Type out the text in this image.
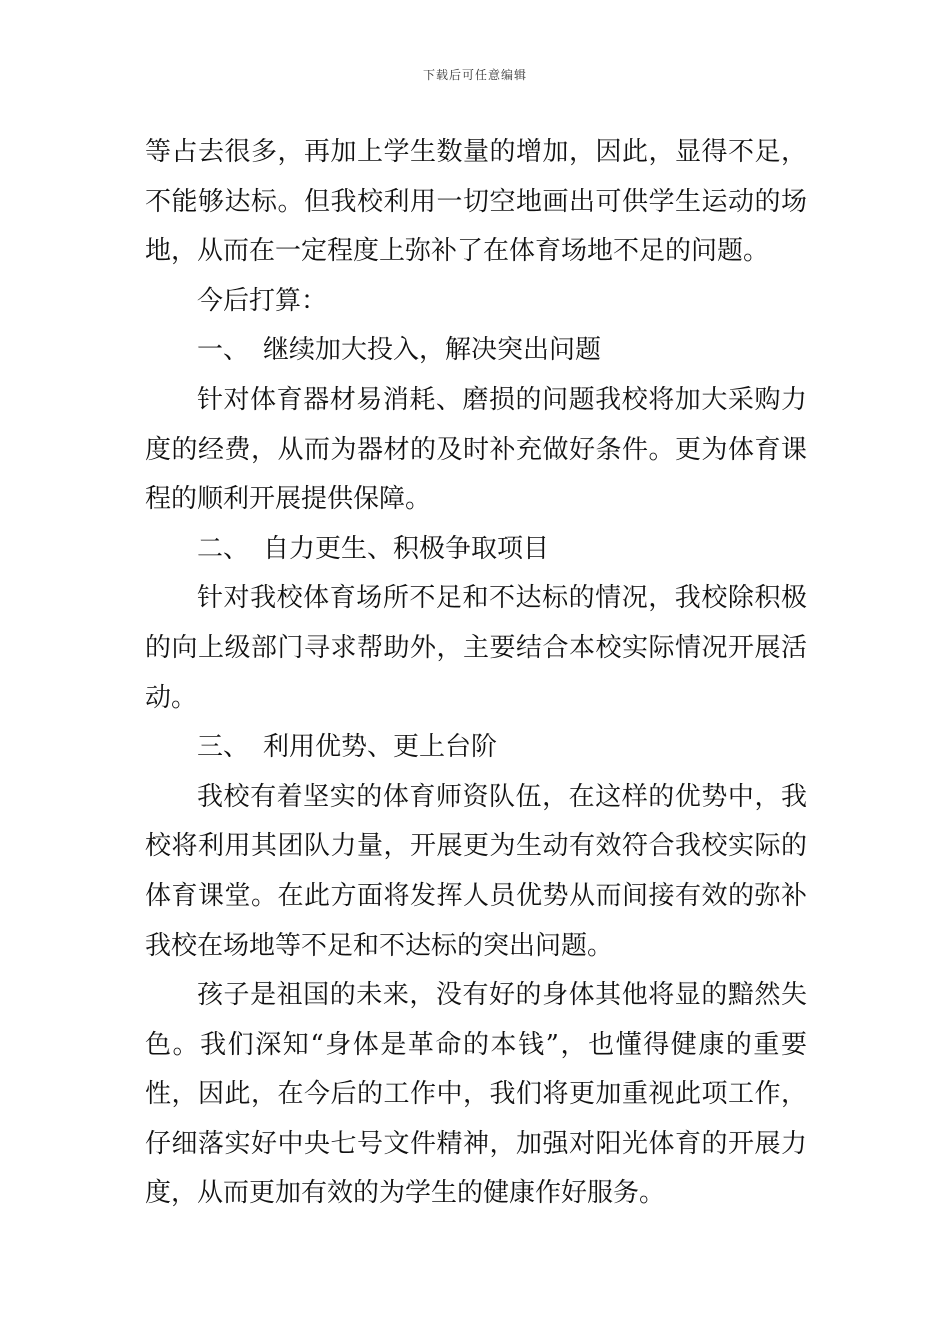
下载后可任意编辑

等占去很多，再加上学生数量的增加，因此，显得不足，不能够达标。但我校利用一切空地画出可供学生运动的场地，从而在一定程度上弥补了在体育场地不足的问题。

今后打算：

一、 继续加大投入，解决突出问题

针对体育器材易消耗、磨损的问题我校将加大采购力度的经费，从而为器材的及时补充做好条件。更为体育课程的顺利开展提供保障。

二、 自力更生、积极争取项目

针对我校体育场所不足和不达标的情况，我校除积极的向上级部门寻求帮助外，主要结合本校实际情况开展活动。

三、 利用优势、更上台阶

我校有着坚实的体育师资队伍，在这样的优势中，我校将利用其团队力量，开展更为生动有效符合我校实际的体育课堂。在此方面将发挥人员优势从而间接有效的弥补我校在场地等不足和不达标的突出问题。

孩子是祖国的未来，没有好的身体其他将显的黯然失色。我们深知“身体是革命的本钱”，也懂得健康的重要性，因此，在今后的工作中，我们将更加重视此项工作，仔细落实好中央七号文件精神，加强对阳光体育的开展力度，从而更加有效的为学生的健康作好服务。
